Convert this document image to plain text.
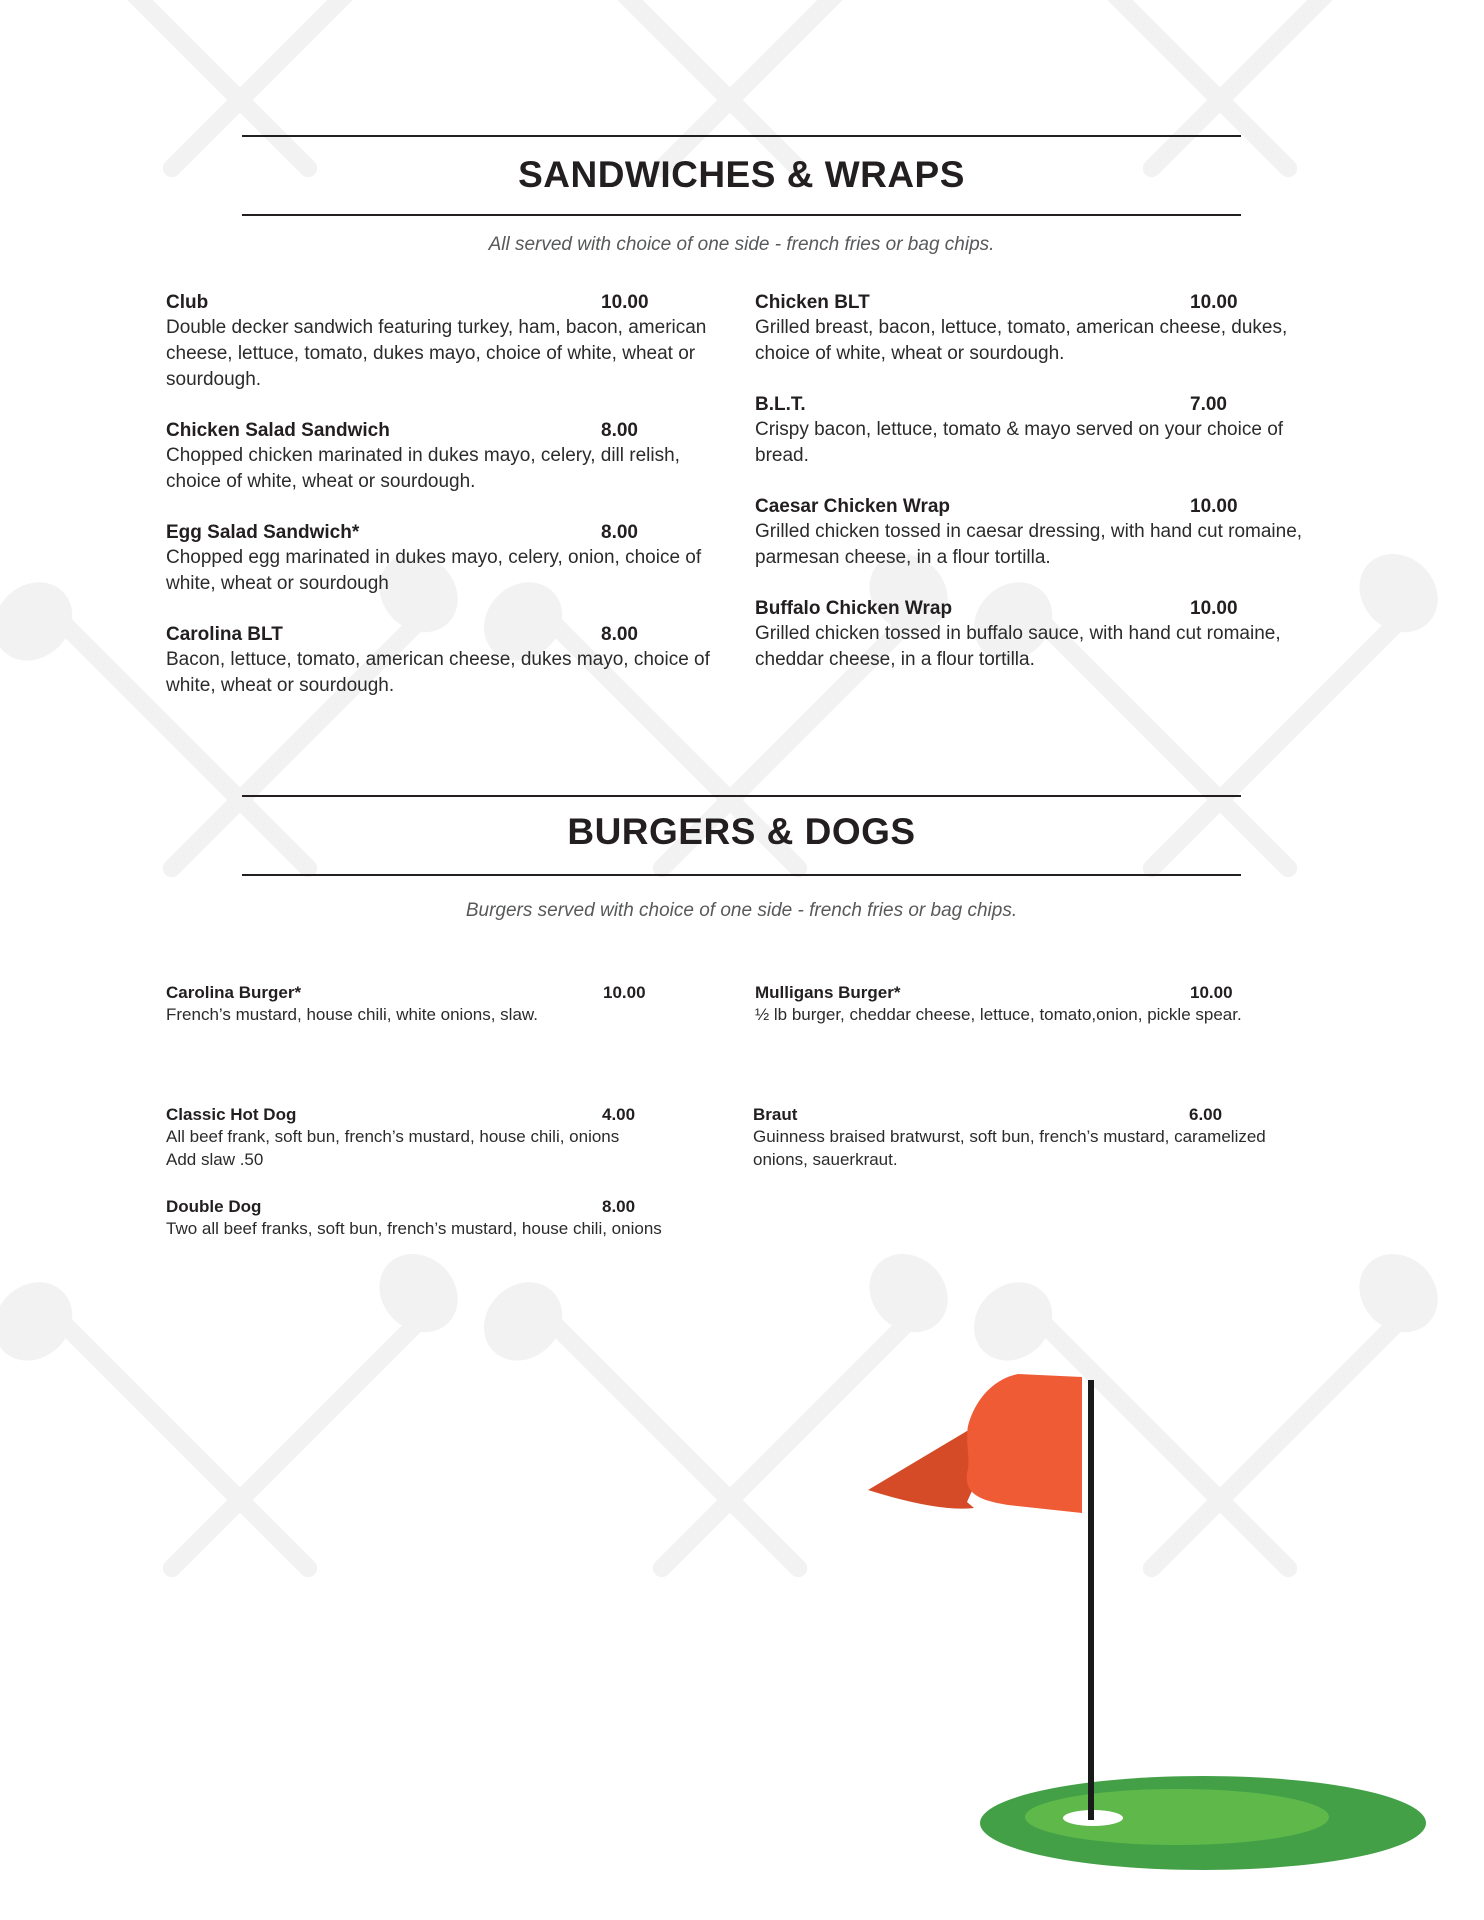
SANDWICHES & WRAPS
All served with choice of one side - french fries or bag chips.
Club	10.00
Double decker sandwich featuring turkey, ham, bacon, american cheese, lettuce, tomato, dukes mayo, choice of white, wheat or sourdough.
Chicken Salad Sandwich	8.00
Chopped chicken marinated in dukes mayo, celery, dill relish, choice of white, wheat or sourdough.
Egg Salad Sandwich*	8.00
Chopped egg marinated in dukes mayo, celery, onion, choice of white, wheat or sourdough
Carolina BLT	8.00
Bacon, lettuce, tomato, american cheese, dukes mayo, choice of white, wheat or sourdough.
Chicken BLT	10.00
Grilled breast, bacon, lettuce, tomato, american cheese, dukes, choice of white, wheat or sourdough.
B.L.T.	7.00
Crispy bacon, lettuce, tomato & mayo served on your choice of bread.
Caesar Chicken Wrap	10.00
Grilled chicken tossed in caesar dressing, with hand cut romaine, parmesan cheese, in a flour tortilla.
Buffalo Chicken Wrap	10.00
Grilled chicken tossed in buffalo sauce, with hand cut romaine, cheddar cheese, in a flour tortilla.
BURGERS & DOGS
Burgers served with choice of one side - french fries or bag chips.
Carolina Burger*	10.00
French’s mustard, house chili, white onions, slaw.
Mulligans Burger*	10.00
½ lb burger, cheddar cheese, lettuce, tomato,onion, pickle spear.
Classic Hot Dog	4.00
All beef frank, soft bun, french’s mustard, house chili, onions
Add slaw .50
Braut	6.00
Guinness braised bratwurst, soft bun, french’s mustard, caramelized onions, sauerkraut.
Double Dog	8.00
Two all beef franks, soft bun, french’s mustard, house chili, onions
